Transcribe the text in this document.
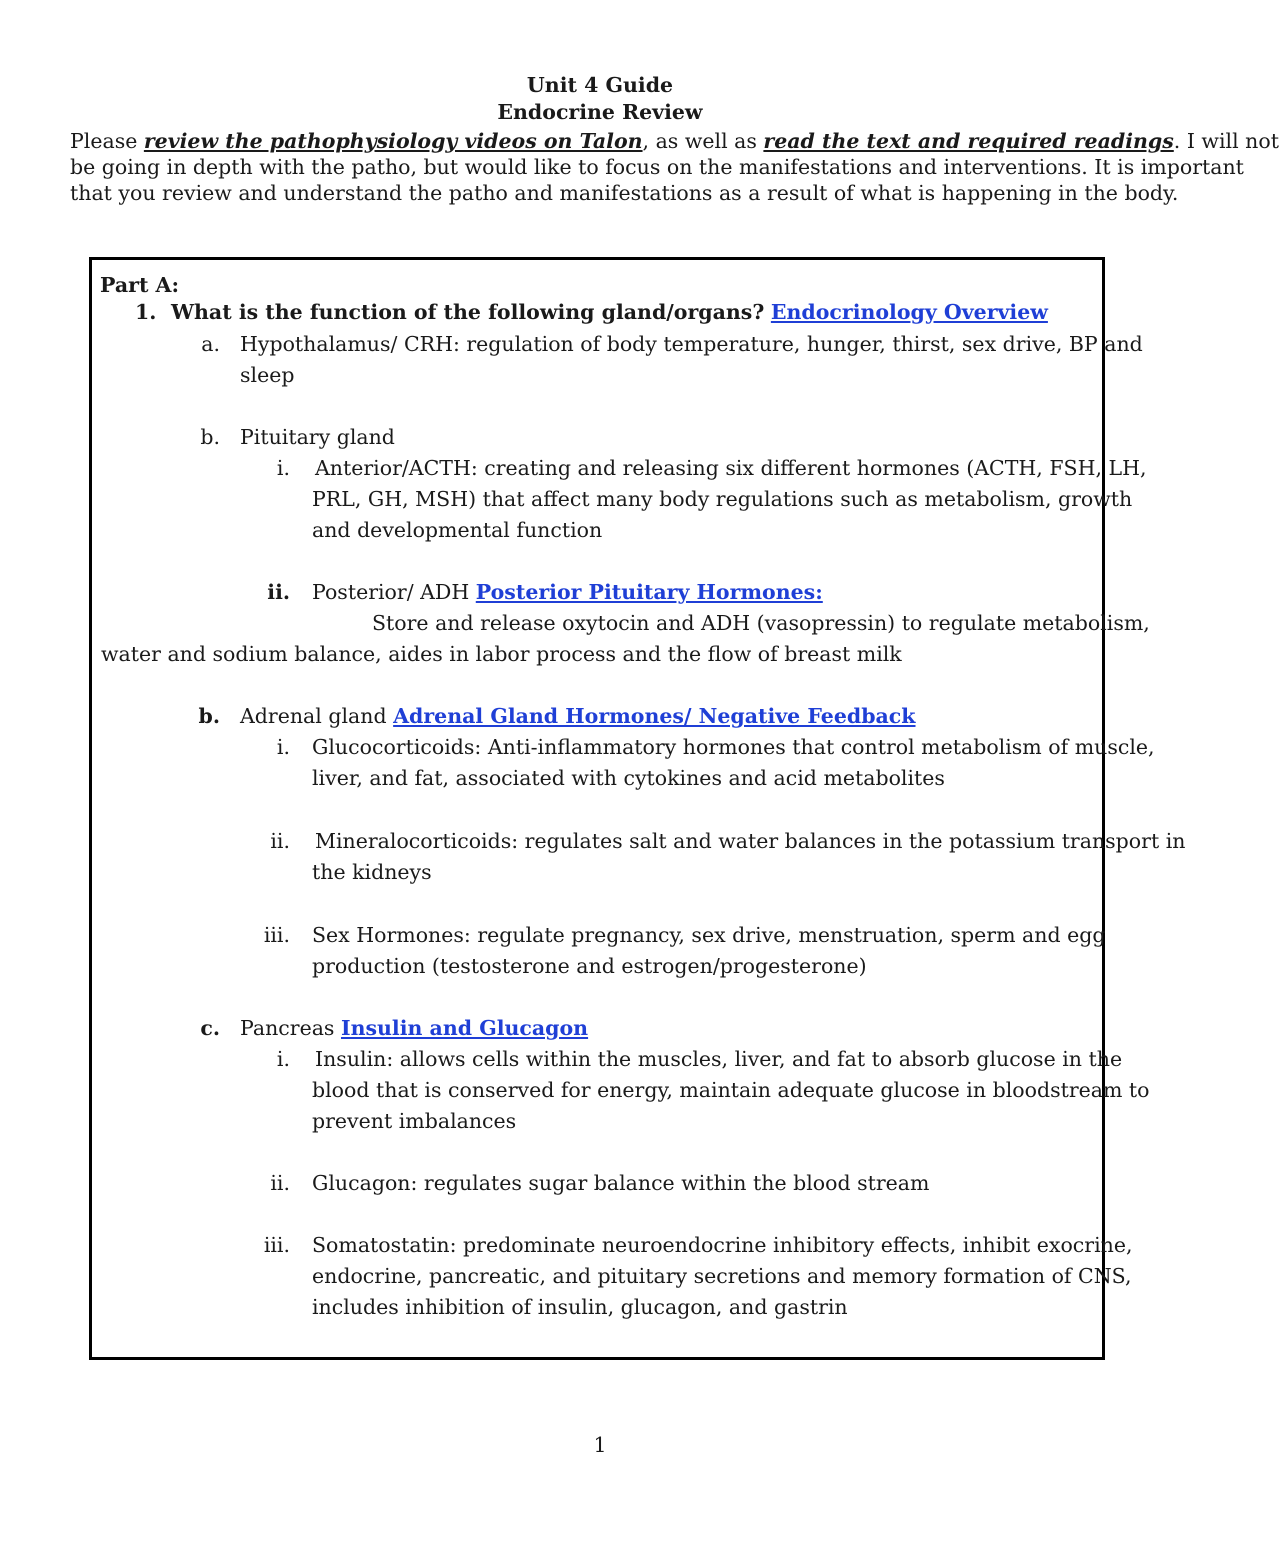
Unit 4 Guide
Endocrine Review
Please review the pathophysiology videos on Talon, as well as read the text and required readings. I will not
be going in depth with the patho, but would like to focus on the manifestations and interventions. It is important
that you review and understand the patho and manifestations as a result of what is happening in the body.
Part A:
1. What is the function of the following gland/organs? Endocrinology Overview
a. Hypothalamus/ CRH: regulation of body temperature, hunger, thirst, sex drive, BP and
sleep
b. Pituitary gland
i. Anterior/ACTH: creating and releasing six different hormones (ACTH, FSH, LH,
PRL, GH, MSH) that affect many body regulations such as metabolism, growth
and developmental function
ii. Posterior/ ADH Posterior Pituitary Hormones:
Store and release oxytocin and ADH (vasopressin) to regulate metabolism,
water and sodium balance, aides in labor process and the flow of breast milk
b. Adrenal gland Adrenal Gland Hormones/ Negative Feedback
i. Glucocorticoids: Anti-inflammatory hormones that control metabolism of muscle,
liver, and fat, associated with cytokines and acid metabolites
ii. Mineralocorticoids: regulates salt and water balances in the potassium transport in
the kidneys
iii. Sex Hormones: regulate pregnancy, sex drive, menstruation, sperm and egg
production (testosterone and estrogen/progesterone)
c. Pancreas Insulin and Glucagon
i. Insulin: allows cells within the muscles, liver, and fat to absorb glucose in the
blood that is conserved for energy, maintain adequate glucose in bloodstream to
prevent imbalances
ii. Glucagon: regulates sugar balance within the blood stream
iii. Somatostatin: predominate neuroendocrine inhibitory effects, inhibit exocrine,
endocrine, pancreatic, and pituitary secretions and memory formation of CNS,
includes inhibition of insulin, glucagon, and gastrin
1
